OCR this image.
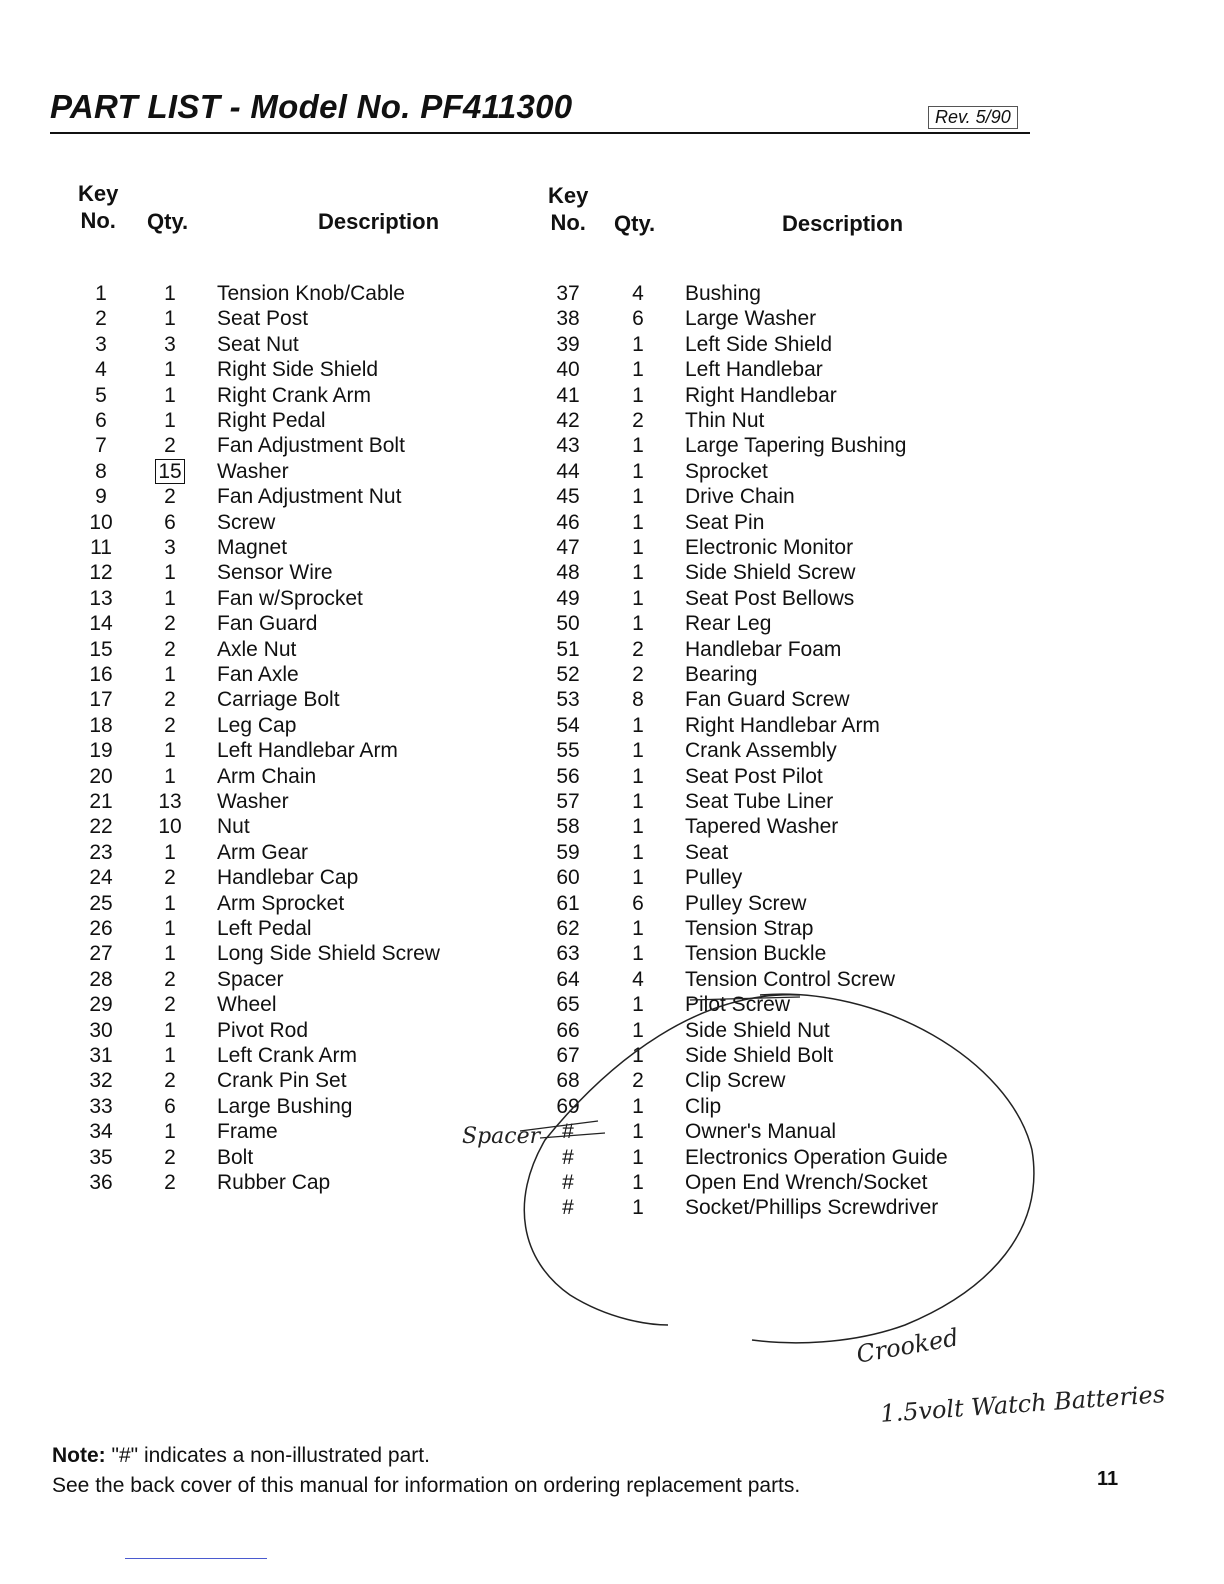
PART LIST - Model No. PF411300	Rev. 5/90
Key
No. Qty.	Description
Key
No. Qty.	Description
1	1	Tension Knob/Cable
2	1	Seat Post
3	3	Seat Nut
4	1	Right Side Shield
5	1	Right Crank Arm
6	1	Right Pedal
7	2	Fan Adjustment Bolt
8	15	Washer
9	2	Fan Adjustment Nut
10	6	Screw
11	3	Magnet
12	1	Sensor Wire
13	1	Fan w/Sprocket
14	2	Fan Guard
15	2	Axle Nut
16	1	Fan Axle
17	2	Carriage Bolt
18	2	Leg Cap
19	1	Left Handlebar Arm
20	1	Arm Chain
21	13	Washer
22	10	Nut
23	1	Arm Gear
24	2	Handlebar Cap
25	1	Arm Sprocket
26	1	Left Pedal
27	1	Long Side Shield Screw
28	2	Spacer
29	2	Wheel
30	1	Pivot Rod
31	1	Left Crank Arm
32	2	Crank Pin Set
33	6	Large Bushing
34	1	Frame
35	2	Bolt
36	2	Rubber Cap
37	4	Bushing
38	6	Large Washer
39	1	Left Side Shield
40	1	Left Handlebar
41	1	Right Handlebar
42	2	Thin Nut
43	1	Large Tapering Bushing
44	1	Sprocket
45	1	Drive Chain
46	1	Seat Pin
47	1	Electronic Monitor
48	1	Side Shield Screw
49	1	Seat Post Bellows
50	1	Rear Leg
51	2	Handlebar Foam
52	2	Bearing
53	8	Fan Guard Screw
54	1	Right Handlebar Arm
55	1	Crank Assembly
56	1	Seat Post Pilot
57	1	Seat Tube Liner
58	1	Tapered Washer
59	1	Seat
60	1	Pulley
61	6	Pulley Screw
62	1	Tension Strap
63	1	Tension Buckle
64	4	Tension Control Screw
65	1	Pilot Screw
66	1	Side Shield Nut
67	1	Side Shield Bolt
68	2	Clip Screw
69	1	Clip
#	1	Owner's Manual
#	1	Electronics Operation Guide
#	1	Open End Wrench/Socket
#	1	Socket/Phillips Screwdriver
Spacer
Crooked
1.5volt Watch Batteries
Note: "#" indicates a non-illustrated part.
See the back cover of this manual for information on ordering replacement parts.	11
